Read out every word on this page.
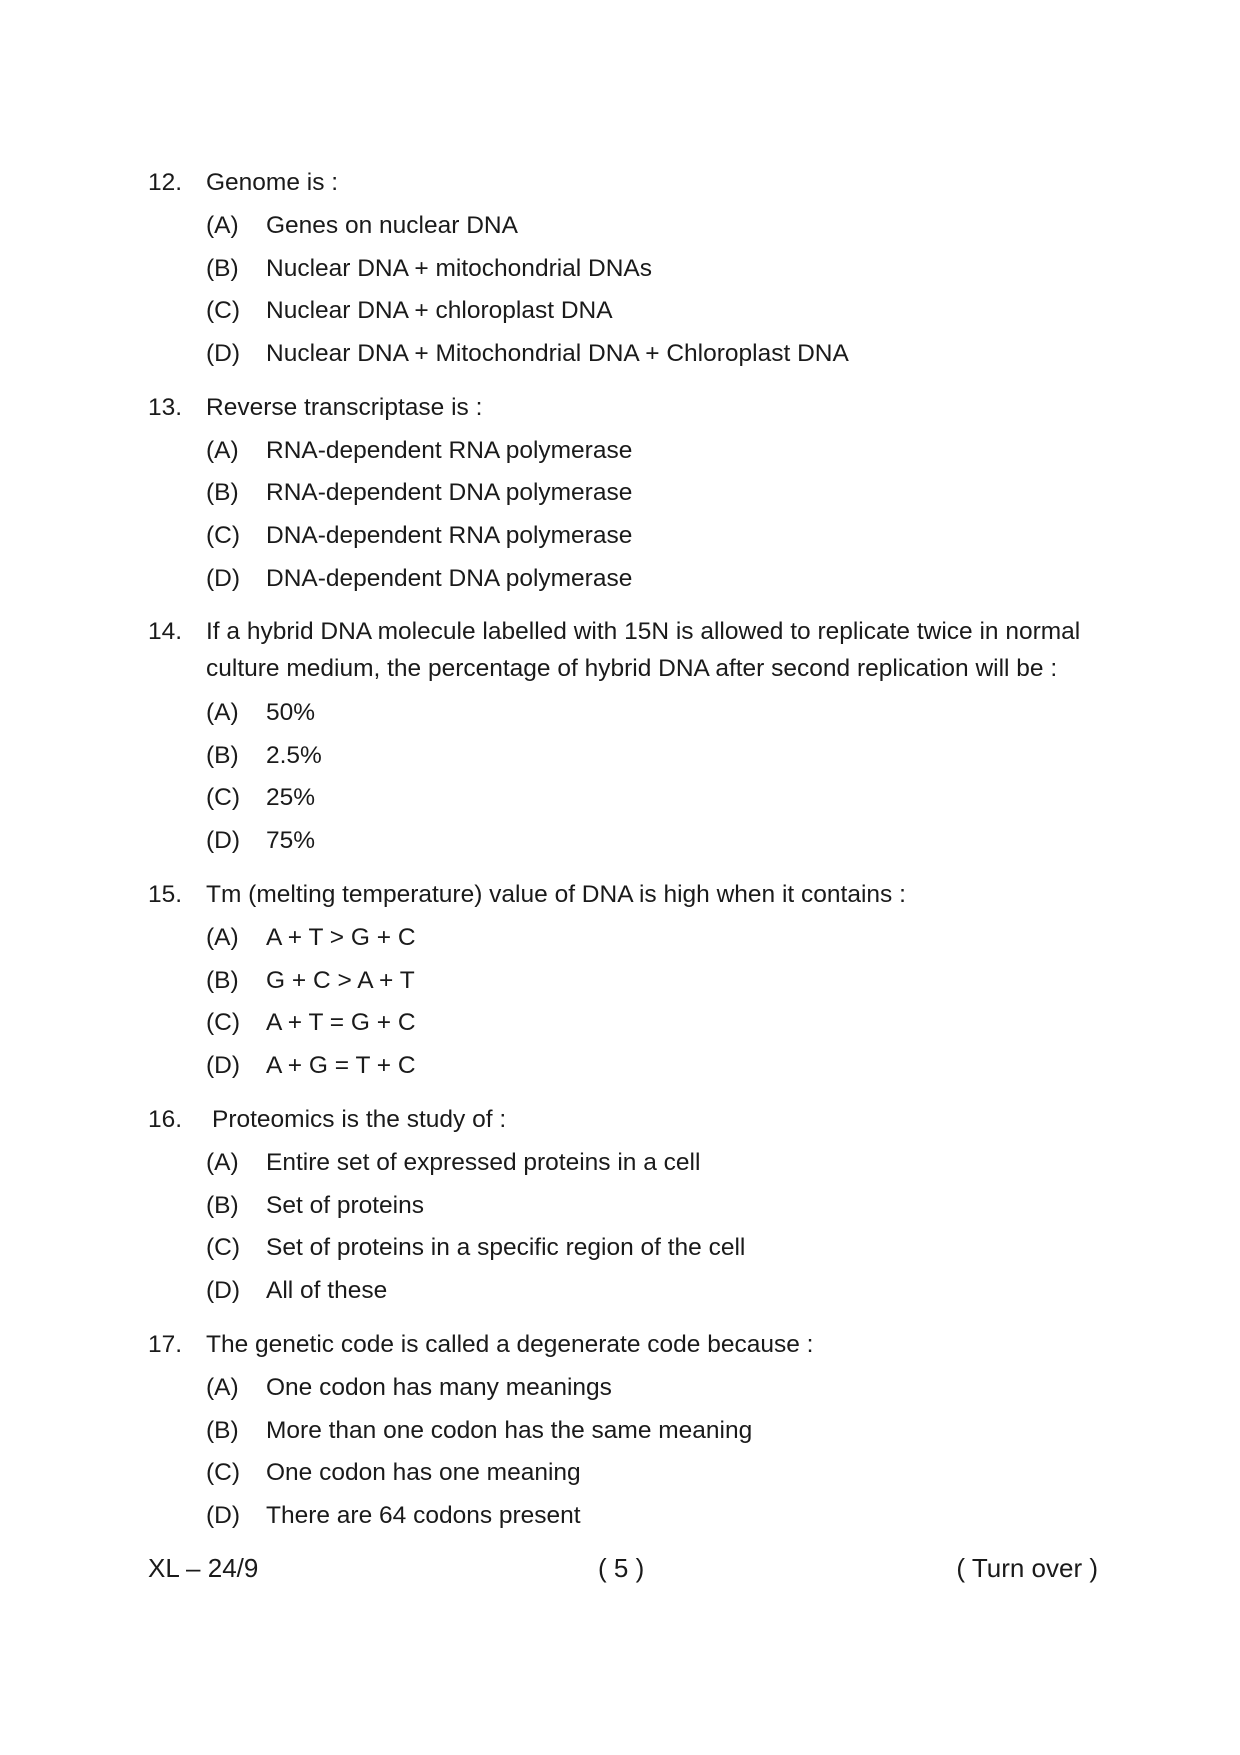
12. Genome is :
(A) Genes on nuclear DNA
(B) Nuclear DNA + mitochondrial DNAs
(C) Nuclear DNA + chloroplast DNA
(D) Nuclear DNA + Mitochondrial DNA + Chloroplast DNA
13. Reverse transcriptase is :
(A) RNA-dependent RNA polymerase
(B) RNA-dependent DNA polymerase
(C) DNA-dependent RNA polymerase
(D) DNA-dependent DNA polymerase
14. If a hybrid DNA molecule labelled with 15N is allowed to replicate twice in normal culture medium, the percentage of hybrid DNA after second replication will be :
(A) 50%
(B) 2.5%
(C) 25%
(D) 75%
15. Tm (melting temperature) value of DNA is high when it contains :
(A) A + T > G + C
(B) G + C > A + T
(C) A + T = G + C
(D) A + G = T + C
16. Proteomics is the study of :
(A) Entire set of expressed proteins in a cell
(B) Set of proteins
(C) Set of proteins in a specific region of the cell
(D) All of these
17. The genetic code is called a degenerate code because :
(A) One codon has many meanings
(B) More than one codon has the same meaning
(C) One codon has one meaning
(D) There are 64 codons present
XL – 24/9	( 5 )	( Turn over )
